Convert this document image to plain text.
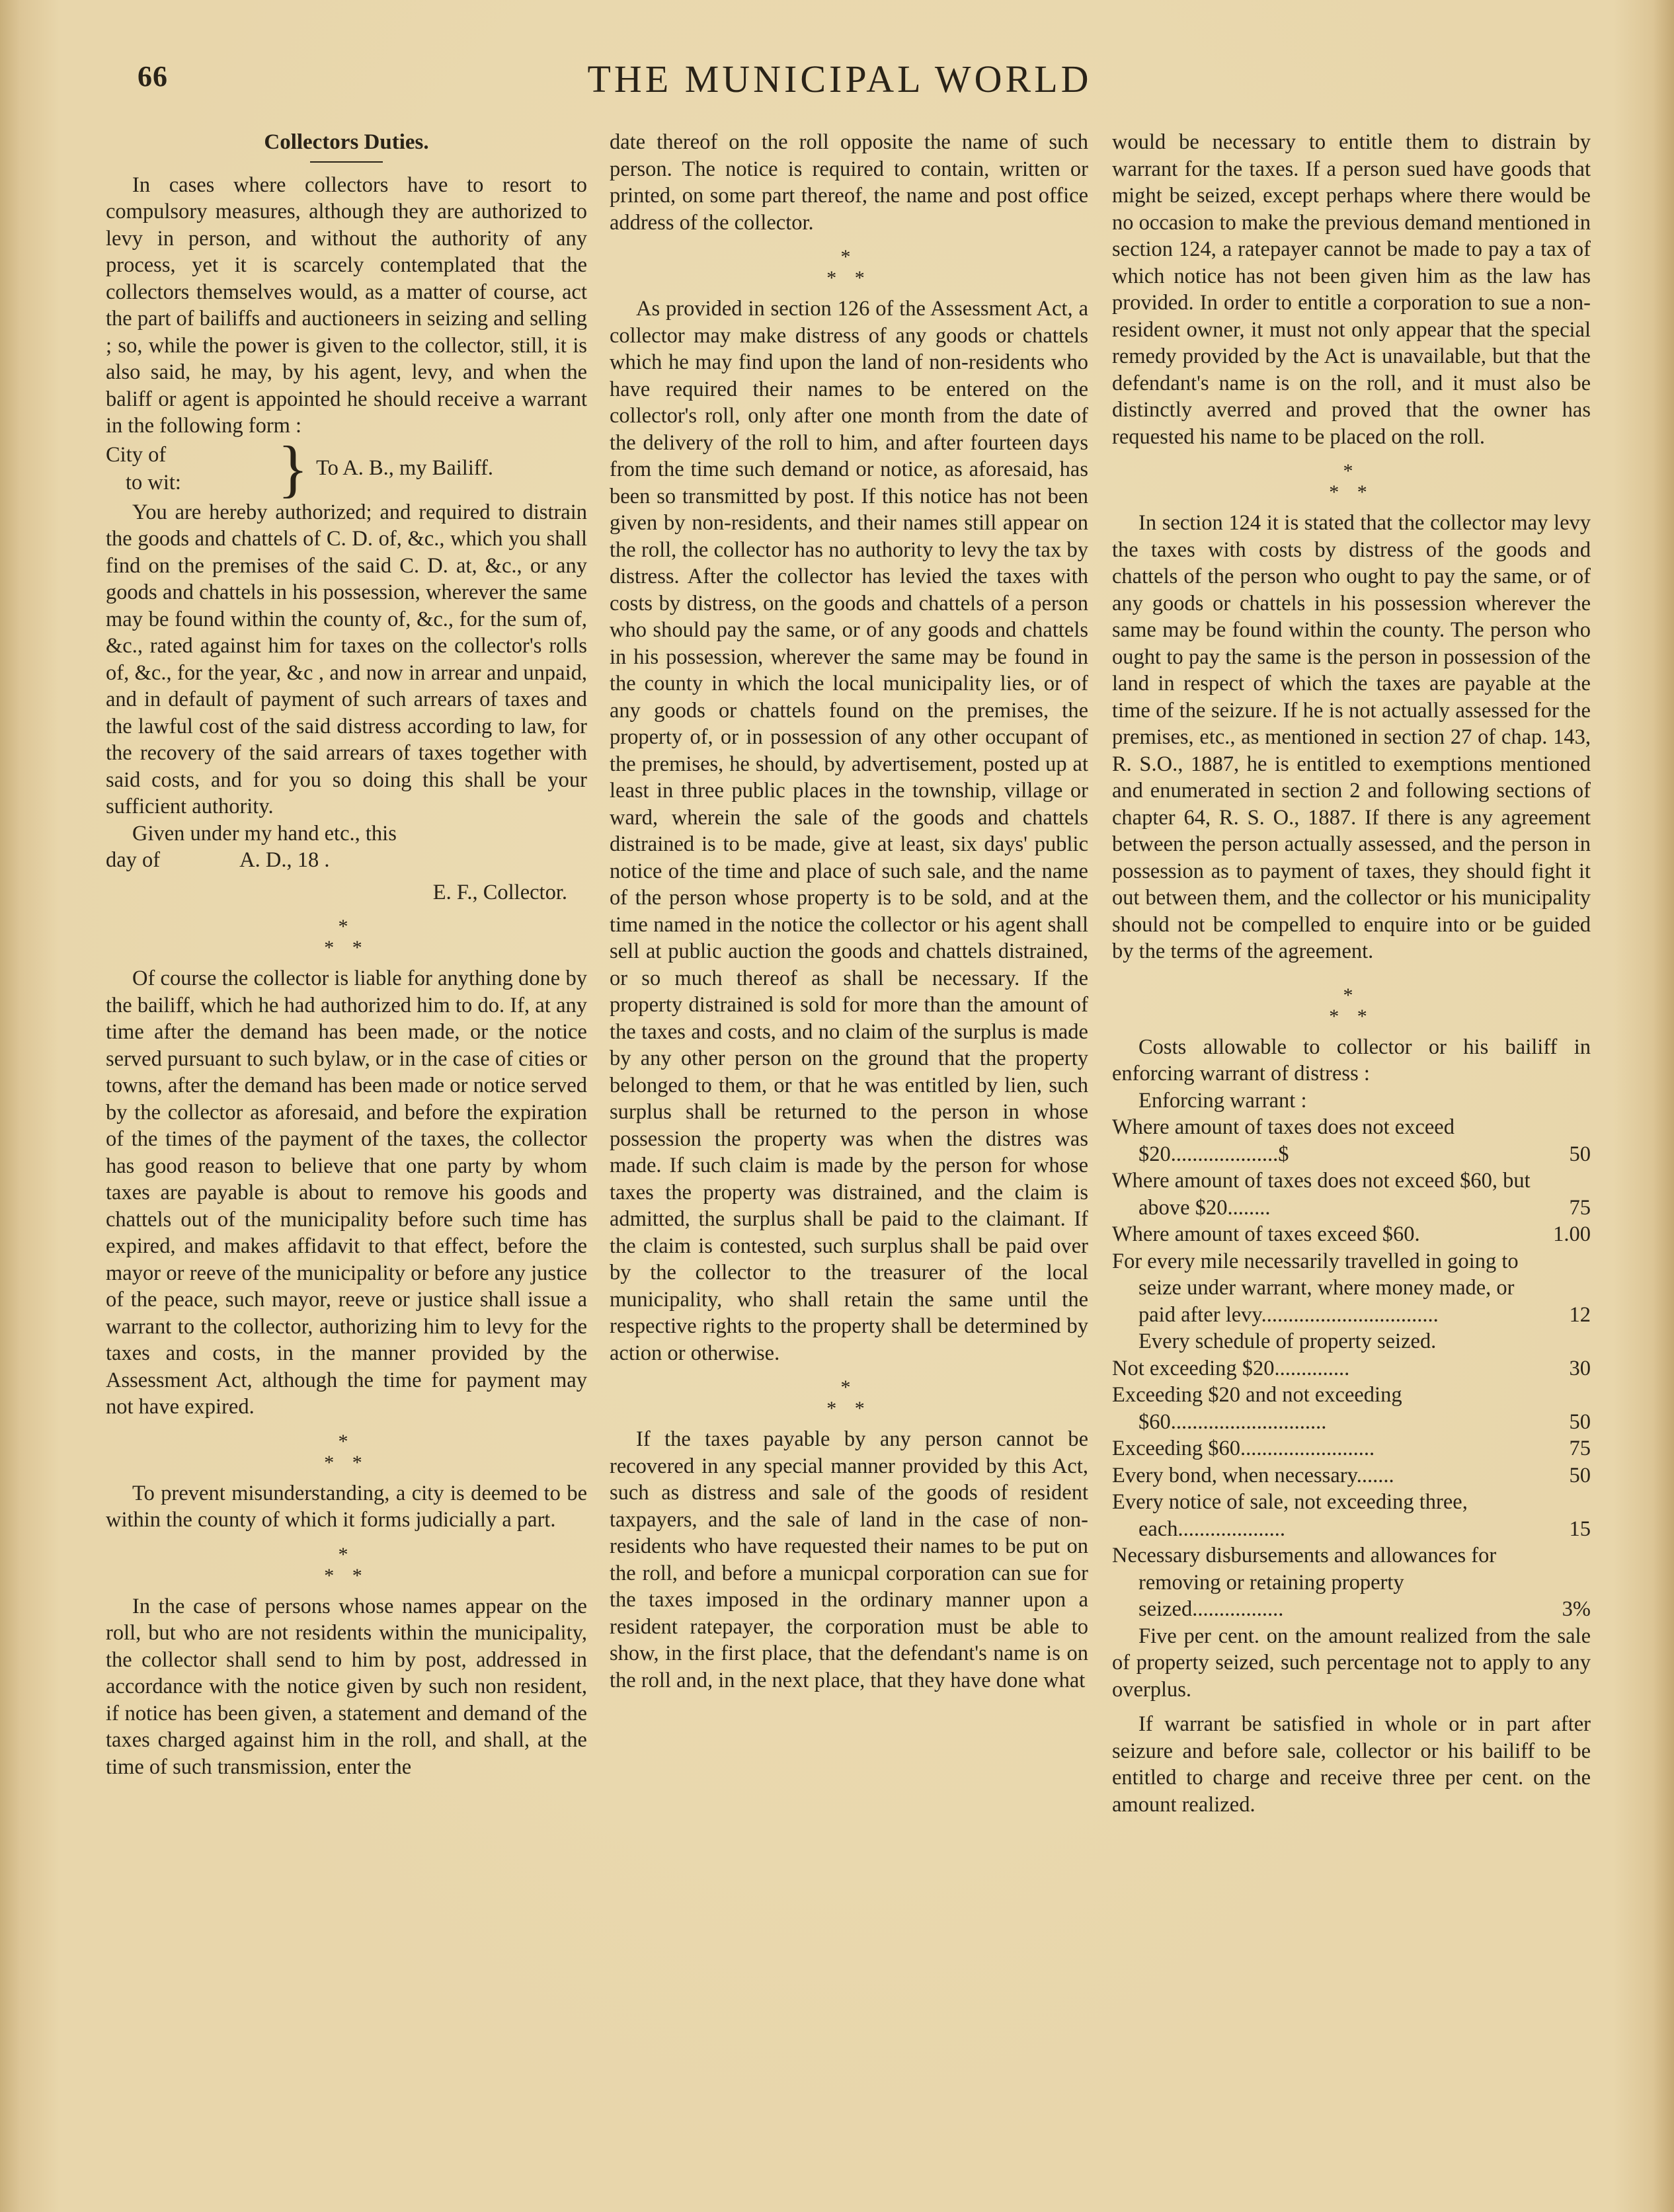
66	THE MUNICIPAL WORLD
Collectors Duties.

In cases where collectors have to resort to compulsory measures, although they are authorized to levy in person, and without the authority of any process, yet it is scarcely contemplated that the collectors themselves would, as a matter of course, act the part of bailiffs and auctioneers in seizing and selling ; so, while the power is given to the collector, still, it is also said, he may, by his agent, levy, and when the baliff or agent is appointed he should receive a warrant in the following form :

City of
to wit:	} To A. B., my Bailiff.

You are hereby authorized; and required to distrain the goods and chattels of C. D. of, &c., which you shall find on the premises of the said C. D. at, &c., or any goods and chattels in his possession, wherever the same may be found within the county of, &c., for the sum of, &c., rated against him for taxes on the collector's rolls of, &c., for the year, &c , and now in arrear and unpaid, and in default of payment of such arrears of taxes and the lawful cost of the said distress according to law, for the recovery of the said arrears of taxes together with said costs, and for you so doing this shall be your sufficient authority.

Given under my hand etc., this

day of	A. D., 18 .
E. F., Collector.
*
* *

Of course the collector is liable for anything done by the bailiff, which he had authorized him to do. If, at any time after the demand has been made, or the notice served pursuant to such bylaw, or in the case of cities or towns, after the demand has been made or notice served by the collector as aforesaid, and before the expiration of the times of the payment of the taxes, the collector has good reason to believe that one party by whom taxes are payable is about to remove his goods and chattels out of the municipality before such time has expired, and makes affidavit to that effect, before the mayor or reeve of the municipality or before any justice of the peace, such mayor, reeve or justice shall issue a warrant to the collector, authorizing him to levy for the taxes and costs, in the manner provided by the Assessment Act, although the time for payment may not have expired.

*
* *

To prevent misunderstanding, a city is deemed to be within the county of which it forms judicially a part.

*
* *

In the case of persons whose names appear on the roll, but who are not residents within the municipality, the collector shall send to him by post, addressed in accordance with the notice given by such non resident, if notice has been given, a statement and demand of the taxes charged against him in the roll, and shall, at the time of such transmission, enter the

date thereof on the roll opposite the name of such person. The notice is required to contain, written or printed, on some part thereof, the name and post office address of the collector.

*
* *

As provided in section 126 of the Assessment Act, a collector may make distress of any goods or chattels which he may find upon the land of non-residents who have required their names to be entered on the collector's roll, only after one month from the date of the delivery of the roll to him, and after fourteen days from the time such demand or notice, as aforesaid, has been so transmitted by post. If this notice has not been given by non-residents, and their names still appear on the roll, the collector has no authority to levy the tax by distress. After the collector has levied the taxes with costs by distress, on the goods and chattels of a person who should pay the same, or of any goods and chattels in his possession, wherever the same may be found in the county in which the local municipality lies, or of any goods or chattels found on the premises, the property of, or in possession of any other occupant of the premises, he should, by advertisement, posted up at least in three public places in the township, village or ward, wherein the sale of the goods and chattels distrained is to be made, give at least, six days' public notice of the time and place of such sale, and the name of the person whose property is to be sold, and at the time named in the notice the collector or his agent shall sell at public auction the goods and chattels distrained, or so much thereof as shall be necessary. If the property distrained is sold for more than the amount of the taxes and costs, and no claim of the surplus is made by any other person on the ground that the property belonged to them, or that he was entitled by lien, such surplus shall be returned to the person in whose possession the property was when the distres was made. If such claim is made by the person for whose taxes the property was distrained, and the claim is admitted, the surplus shall be paid to the claimant. If the claim is contested, such surplus shall be paid over by the collector to the treasurer of the local municipality, who shall retain the same until the respective rights to the property shall be determined by action or otherwise.

*
* *

If the taxes payable by any person cannot be recovered in any special manner provided by this Act, such as distress and sale of the goods of resident taxpayers, and the sale of land in the case of non-residents who have requested their names to be put on the roll, and before a municpal corporation can sue for the taxes imposed in the ordinary manner upon a resident ratepayer, the corporation must be able to show, in the first place, that the defendant's name is on the roll and, in the next place, that they have done what

would be necessary to entitle them to distrain by warrant for the taxes. If a person sued have goods that might be seized, except perhaps where there would be no occasion to make the previous demand mentioned in section 124, a ratepayer cannot be made to pay a tax of which notice has not been given him as the law has provided. In order to entitle a corporation to sue a non-resident owner, it must not only appear that the special remedy provided by the Act is unavailable, but that the defendant's name is on the roll, and it must also be distinctly averred and proved that the owner has requested his name to be placed on the roll.

*
* *

In section 124 it is stated that the collector may levy the taxes with costs by distress of the goods and chattels of the person who ought to pay the same, or of any goods or chattels in his possession wherever the same may be found within the county. The person who ought to pay the same is the person in possession of the land in respect of which the taxes are payable at the time of the seizure. If he is not actually assessed for the premises, etc., as mentioned in section 27 of chap. 143, R. S.O., 1887, he is entitled to exemptions mentioned and enumerated in section 2 and following sections of chapter 64, R. S. O., 1887. If there is any agreement between the person actually assessed, and the person in possession as to payment of taxes, they should fight it out between them, and the collector or his municipality should not be compelled to enquire into or be guided by the terms of the agreement.

*
* *

Costs allowable to collector or his bailiff in enforcing warrant of distress :

Enforcing warrant :

Where amount of taxes does not exceed $20....................$	50
Where amount of taxes does not exceed $60, but above $20........	75
Where amount of taxes exceed $60.	1.00
For every mile necessarily travelled in going to seize under warrant, where money made, or paid after levy.................................	12

Every schedule of property seized.

Not exceeding $20..............	30
Exceeding $20 and not exceeding $60.............................	50
Exceeding $60.........................	75
Every bond, when necessary.......	50
Every notice of sale, not exceeding three, each....................	15
Necessary disbursements and allowances for removing or retaining property seized.................	3%

Five per cent. on the amount realized from the sale of property seized, such percentage not to apply to any overplus.

If warrant be satisfied in whole or in part after seizure and before sale, collector or his bailiff to be entitled to charge and receive three per cent. on the amount realized.
